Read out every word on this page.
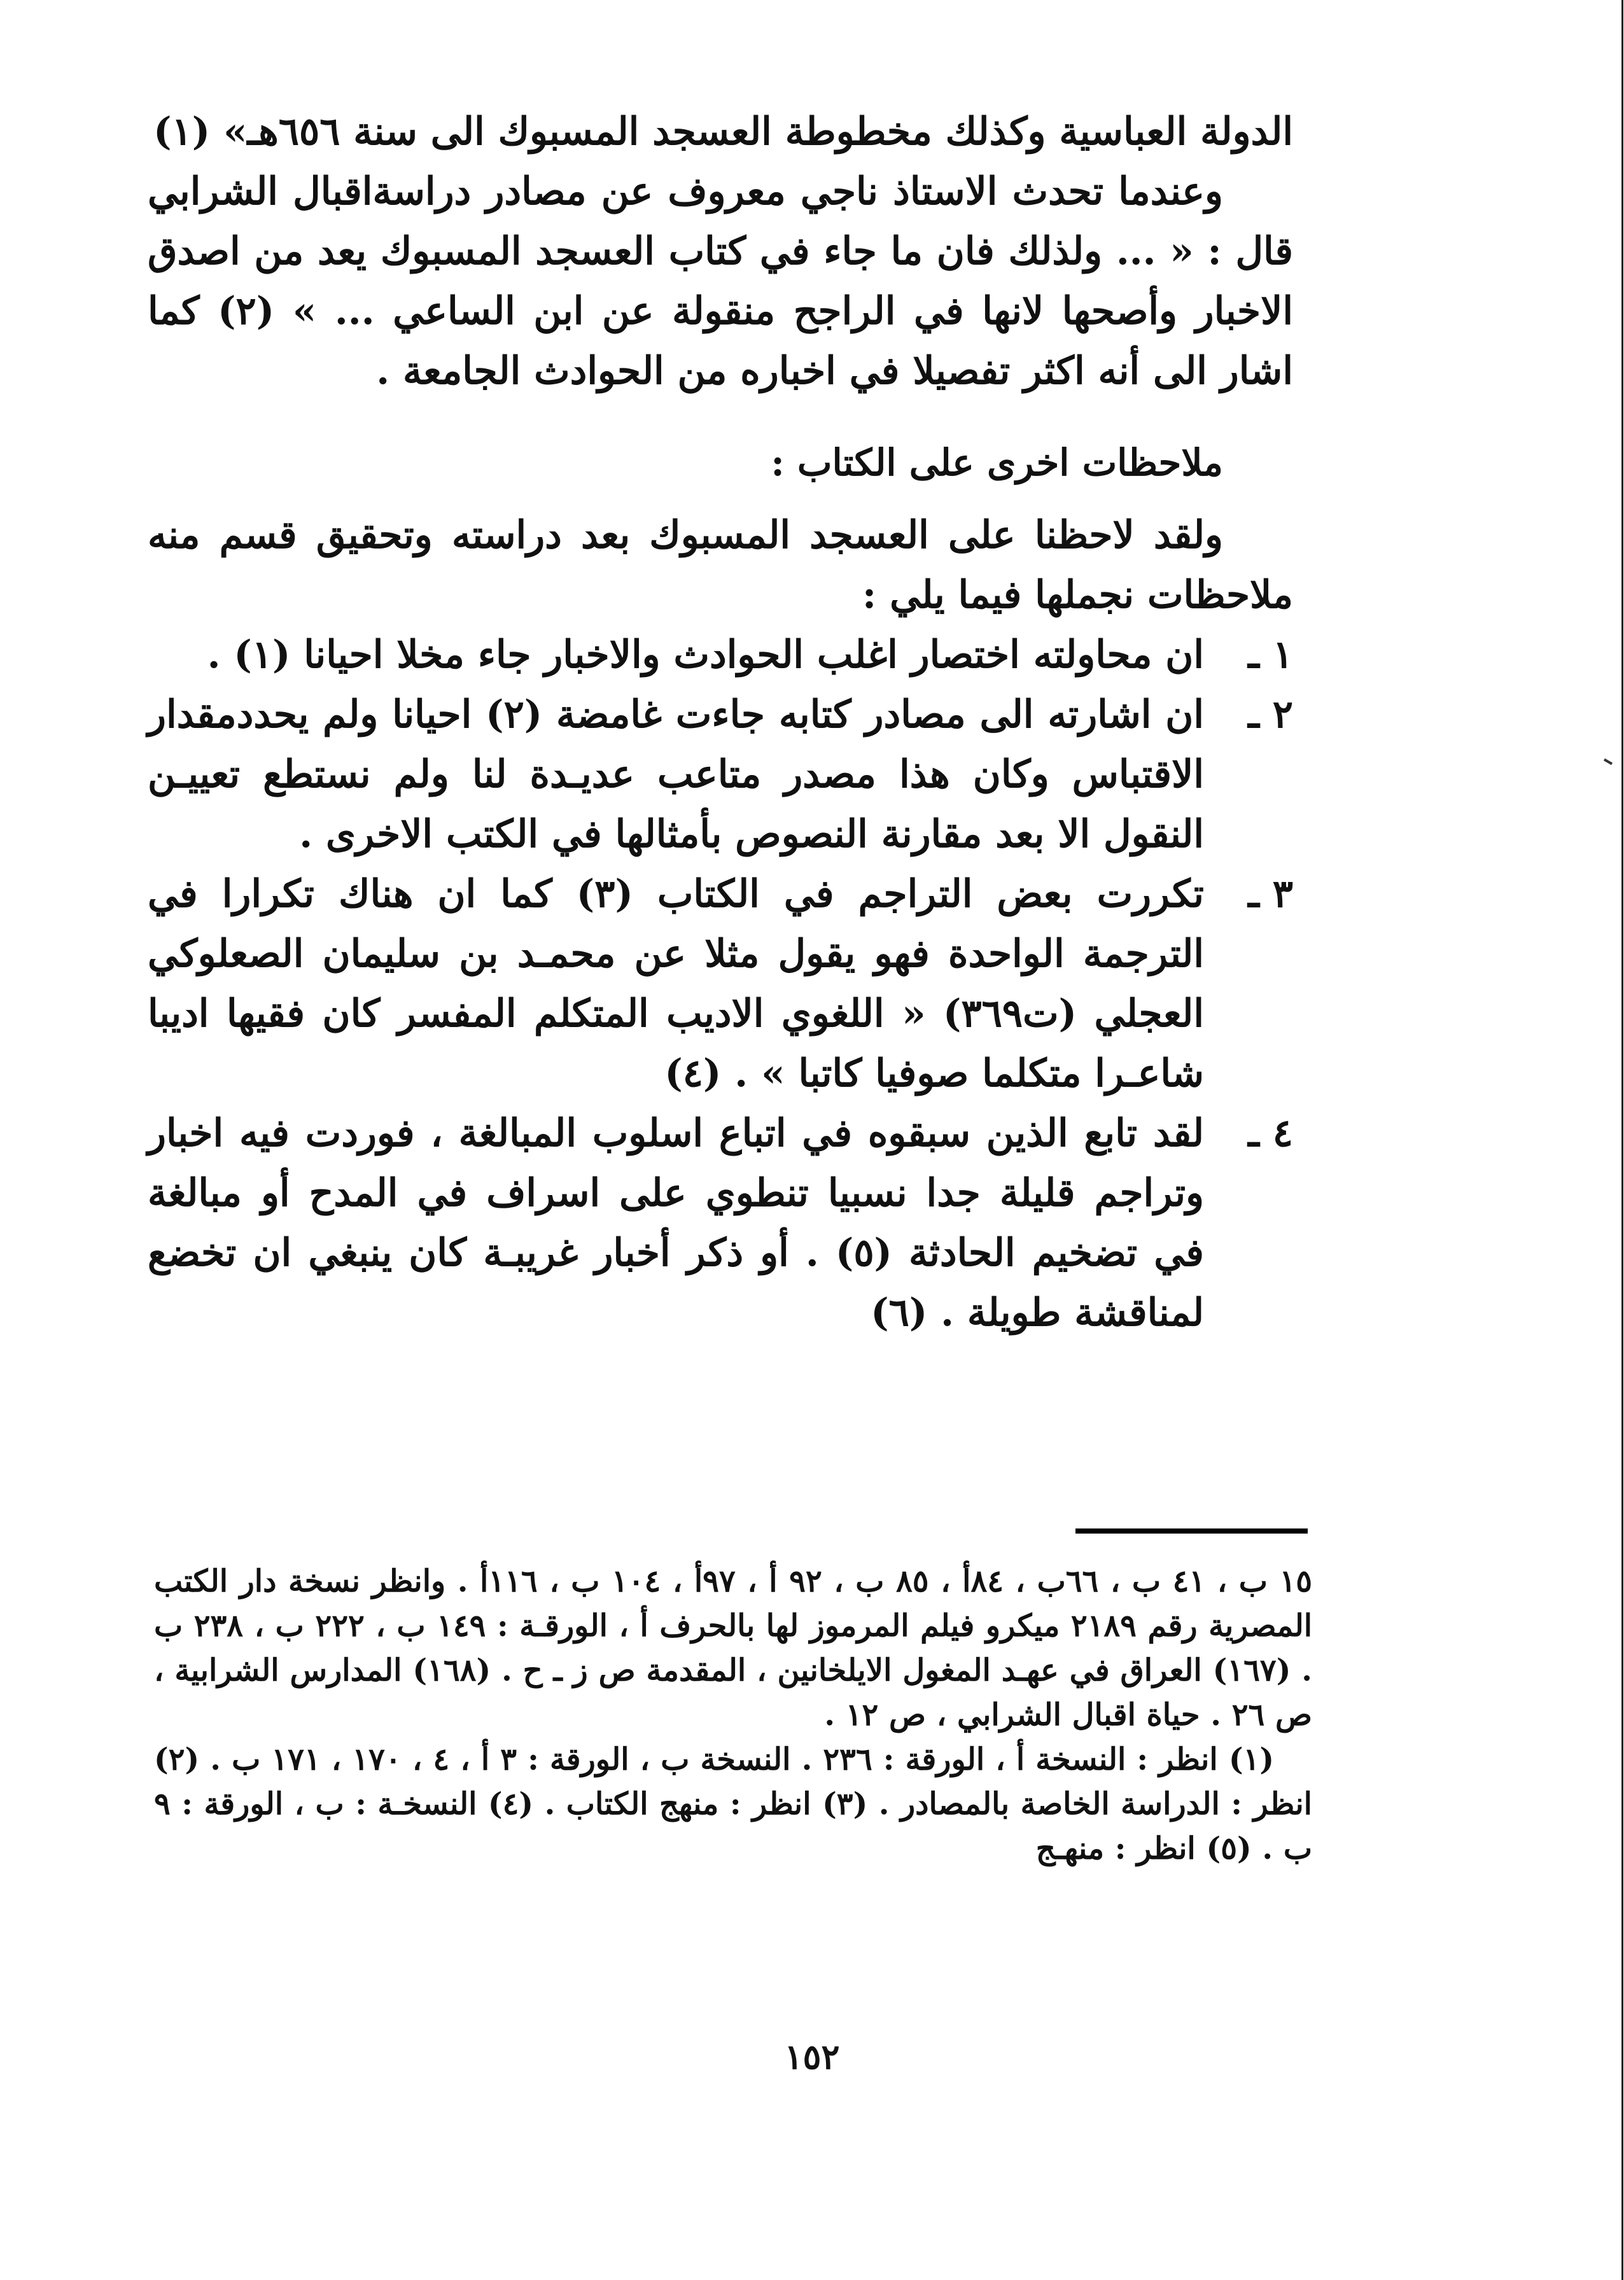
الدولة العباسية وكذلك مخطوطة العسجد المسبوك الى سنة ٦٥٦هـ» (١)

وعندما تحدث الاستاذ ناجي معروف عن مصادر دراسةاقبال الشرابي قال : « ... ولذلك فان ما جاء في كتاب العسجد المسبوك يعد من اصدق الاخبار وأصحها لانها في الراجح منقولة عن ابن الساعي ... » (٢) كما اشار الى أنه اكثر تفصيلا في اخباره من الحوادث الجامعة .

ملاحظات اخرى على الكتاب :

ولقد لاحظنا على العسجد المسبوك بعد دراسته وتحقيق قسم منه ملاحظات نجملها فيما يلي :

١ ـ

ان محاولته اختصار اغلب الحوادث والاخبار جاء مخلا احيانا (١) .

٢ ـ

ان اشارته الى مصادر كتابه جاءت غامضة (٢) احيانا ولم يحددمقدار الاقتباس وكان هذا مصدر متاعب عديـدة لنا ولم نستطع تعييـن النقول الا بعد مقارنة النصوص بأمثالها في الكتب الاخرى .

٣ ـ

تكررت بعض التراجم في الكتاب (٣) كما ان هناك تكرارا في الترجمة الواحدة فهو يقول مثلا عن محمـد بن سليمان الصعلوكي العجلي (ت٣٦٩) « اللغوي الاديب المتكلم المفسر كان فقيها اديبا شاعـرا متكلما صوفيا كاتبا » . (٤)

٤ ـ

لقد تابع الذين سبقوه في اتباع اسلوب المبالغة ، فوردت فيه اخبار وتراجم قليلة جدا نسبيا تنطوي على اسراف في المدح أو مبالغة في تضخيم الحادثة (٥) . أو ذكر أخبار غريبـة كان ينبغي ان تخضع لمناقشة طويلة . (٦)

١٥ ب ، ٤١ ب ، ٦٦ب ، ٨٤أ ، ٨٥ ب ، ٩٢ أ ، ٩٧أ ، ١٠٤ ب ، ١١٦أ . وانظر نسخة دار الكتب المصرية رقم ٢١٨٩ ميكرو فيلم المرموز لها بالحرف أ ، الورقـة : ١٤٩ ب ، ٢٢٢ ب ، ٢٣٨ ب . (١٦٧) العراق في عهـد المغول الايلخانين ، المقدمة ص ز ـ ح . (١٦٨) المدارس الشرابية ، ص ٢٦ . حياة اقبال الشرابي ، ص ١٢ .

(١) انظر : النسخة أ ، الورقة : ٢٣٦ . النسخة ب ، الورقة : ٣ أ ، ٤ ، ١٧٠ ، ١٧١ ب . (٢) انظر : الدراسة الخاصة بالمصادر . (٣) انظر : منهج الكتاب . (٤) النسخـة : ب ، الورقة : ٩ ب . (٥) انظر : منهـج

١٥٢
